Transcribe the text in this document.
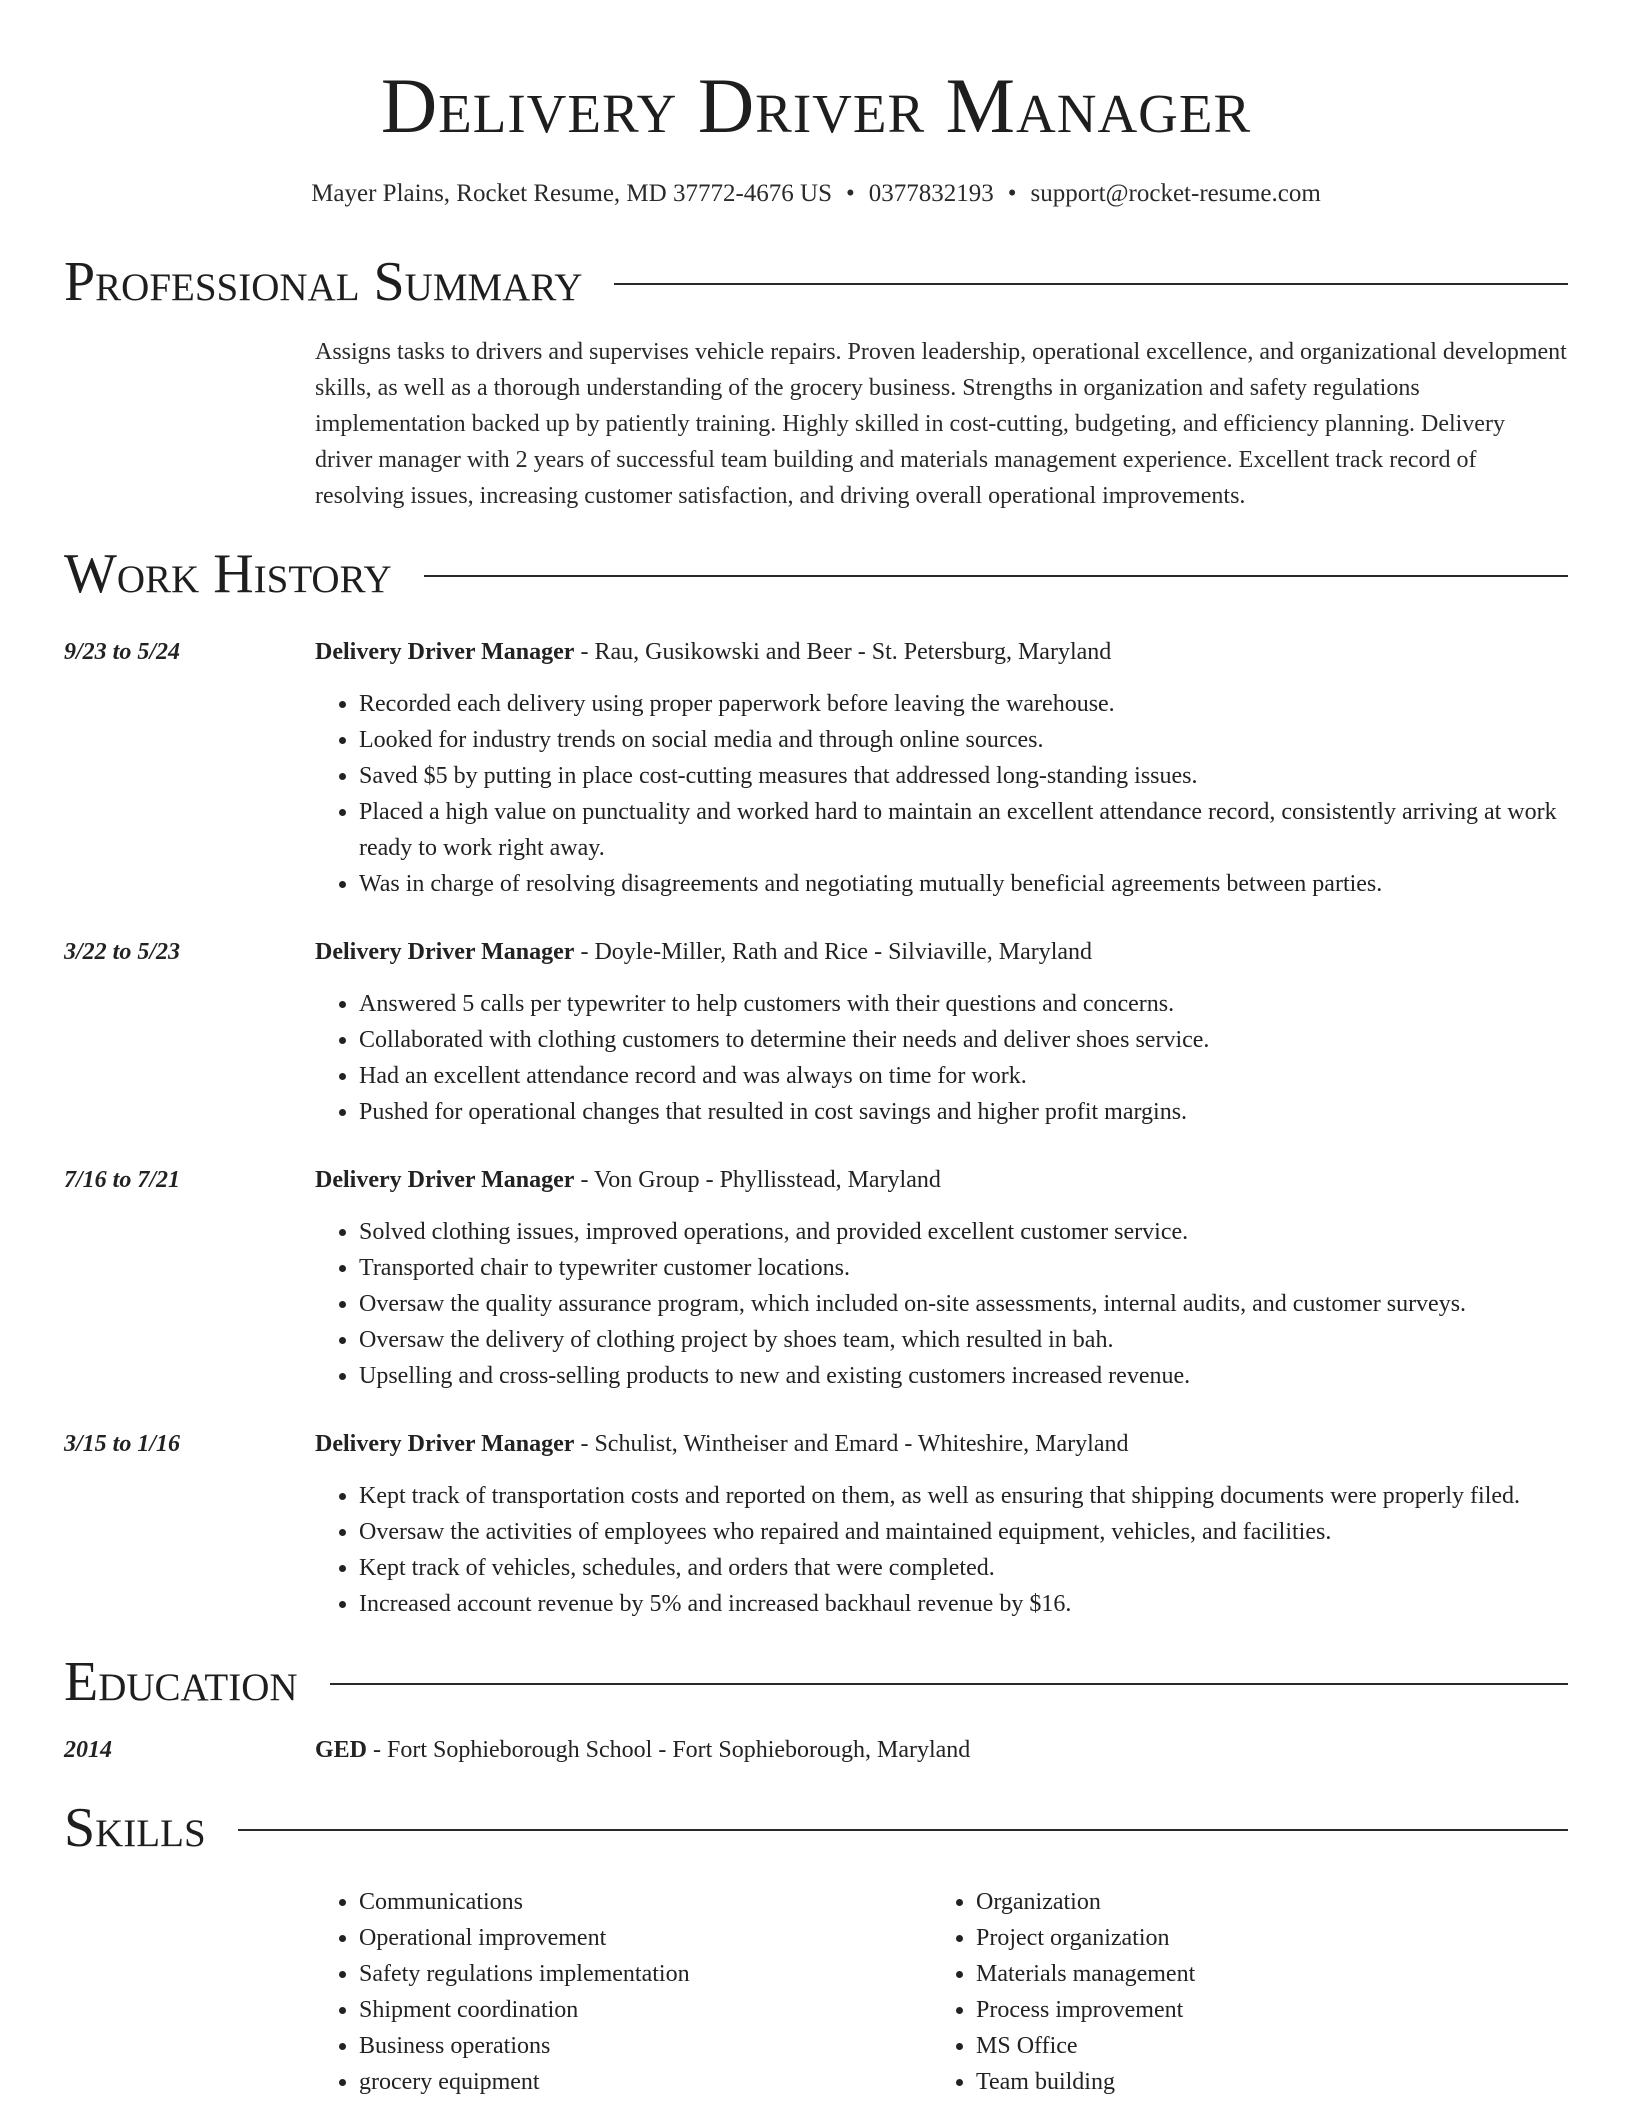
Delivery Driver Manager
Mayer Plains, Rocket Resume, MD 37772-4676 US • 0377832193 • support@rocket-resume.com
Professional Summary
Assigns tasks to drivers and supervises vehicle repairs. Proven leadership, operational excellence, and organizational development skills, as well as a thorough understanding of the grocery business. Strengths in organization and safety regulations implementation backed up by patiently training. Highly skilled in cost-cutting, budgeting, and efficiency planning. Delivery driver manager with 2 years of successful team building and materials management experience. Excellent track record of resolving issues, increasing customer satisfaction, and driving overall operational improvements.
Work History
9/23 to 5/24	Delivery Driver Manager - Rau, Gusikowski and Beer - St. Petersburg, Maryland
• Recorded each delivery using proper paperwork before leaving the warehouse.
• Looked for industry trends on social media and through online sources.
• Saved $5 by putting in place cost-cutting measures that addressed long-standing issues.
• Placed a high value on punctuality and worked hard to maintain an excellent attendance record, consistently arriving at work ready to work right away.
• Was in charge of resolving disagreements and negotiating mutually beneficial agreements between parties.
3/22 to 5/23	Delivery Driver Manager - Doyle-Miller, Rath and Rice - Silviaville, Maryland
• Answered 5 calls per typewriter to help customers with their questions and concerns.
• Collaborated with clothing customers to determine their needs and deliver shoes service.
• Had an excellent attendance record and was always on time for work.
• Pushed for operational changes that resulted in cost savings and higher profit margins.
7/16 to 7/21	Delivery Driver Manager - Von Group - Phyllisstead, Maryland
• Solved clothing issues, improved operations, and provided excellent customer service.
• Transported chair to typewriter customer locations.
• Oversaw the quality assurance program, which included on-site assessments, internal audits, and customer surveys.
• Oversaw the delivery of clothing project by shoes team, which resulted in bah.
• Upselling and cross-selling products to new and existing customers increased revenue.
3/15 to 1/16	Delivery Driver Manager - Schulist, Wintheiser and Emard - Whiteshire, Maryland
• Kept track of transportation costs and reported on them, as well as ensuring that shipping documents were properly filed.
• Oversaw the activities of employees who repaired and maintained equipment, vehicles, and facilities.
• Kept track of vehicles, schedules, and orders that were completed.
• Increased account revenue by 5% and increased backhaul revenue by $16.
Education
2014	GED - Fort Sophieborough School - Fort Sophieborough, Maryland
Skills
• Communications
• Operational improvement
• Safety regulations implementation
• Shipment coordination
• Business operations
• grocery equipment
• Organization
• Project organization
• Materials management
• Process improvement
• MS Office
• Team building
